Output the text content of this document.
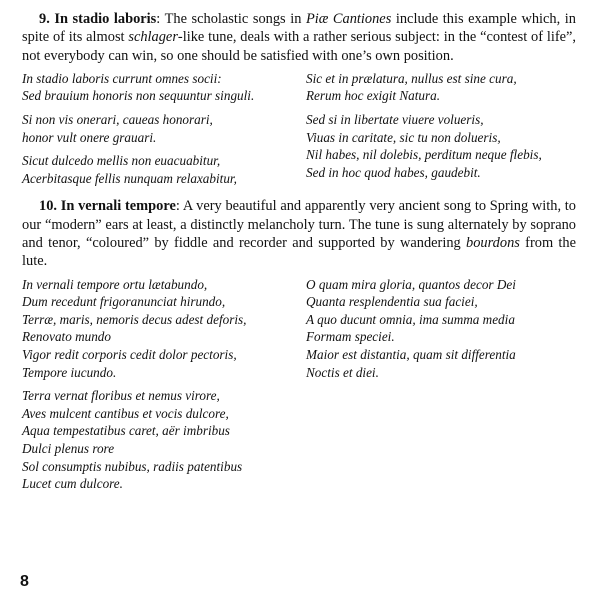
9. In stadio laboris: The scholastic songs in Piæ Cantiones include this example which, in spite of its almost schlager-like tune, deals with a rather serious subject: in the “contest of life”, not everybody can win, so one should be satisfied with one’s own position.

In stadio laboris currunt omnes socii:
Sed brauium honoris non sequuntur singuli.
Si non vis onerari, caueas honorari,
honor vult onere grauari.
Sicut dulcedo mellis non euacuabitur,
Acerbitasque fellis nunquam relaxabitur,
Sic et in prælatura, nullus est sine cura,
Rerum hoc exigit Natura.
Sed si in libertate viuere volueris,
Viuas in caritate, sic tu non dolueris,
Nil habes, nil dolebis, perditum neque flebis,
Sed in hoc quod habes, gaudebit.

10. In vernali tempore: A very beautiful and apparently very ancient song to Spring with, to our “modern” ears at least, a distinctly melancholy turn. The tune is sung alternately by soprano and tenor, “coloured” by fiddle and recorder and supported by wandering bourdons from the lute.

In vernali tempore ortu lætabundo,
Dum recedunt frigoranunciat hirundo,
Terræ, maris, nemoris decus adest deforis,
Renovato mundo
Vigor redit corporis cedit dolor pectoris,
Tempore iucundo.
Terra vernat floribus et nemus virore,
Aves mulcent cantibus et vocis dulcore,
Aqua tempestatibus caret, aër imbribus
Dulci plenus rore
Sol consumptis nubibus, radiis patentibus
Lucet cum dulcore.
O quam mira gloria, quantos decor Dei
Quanta resplendentia sua faciei,
A quo ducunt omnia, ima summa media
Formam speciei.
Maior est distantia, quam sit differentia
Noctis et diei.
8
